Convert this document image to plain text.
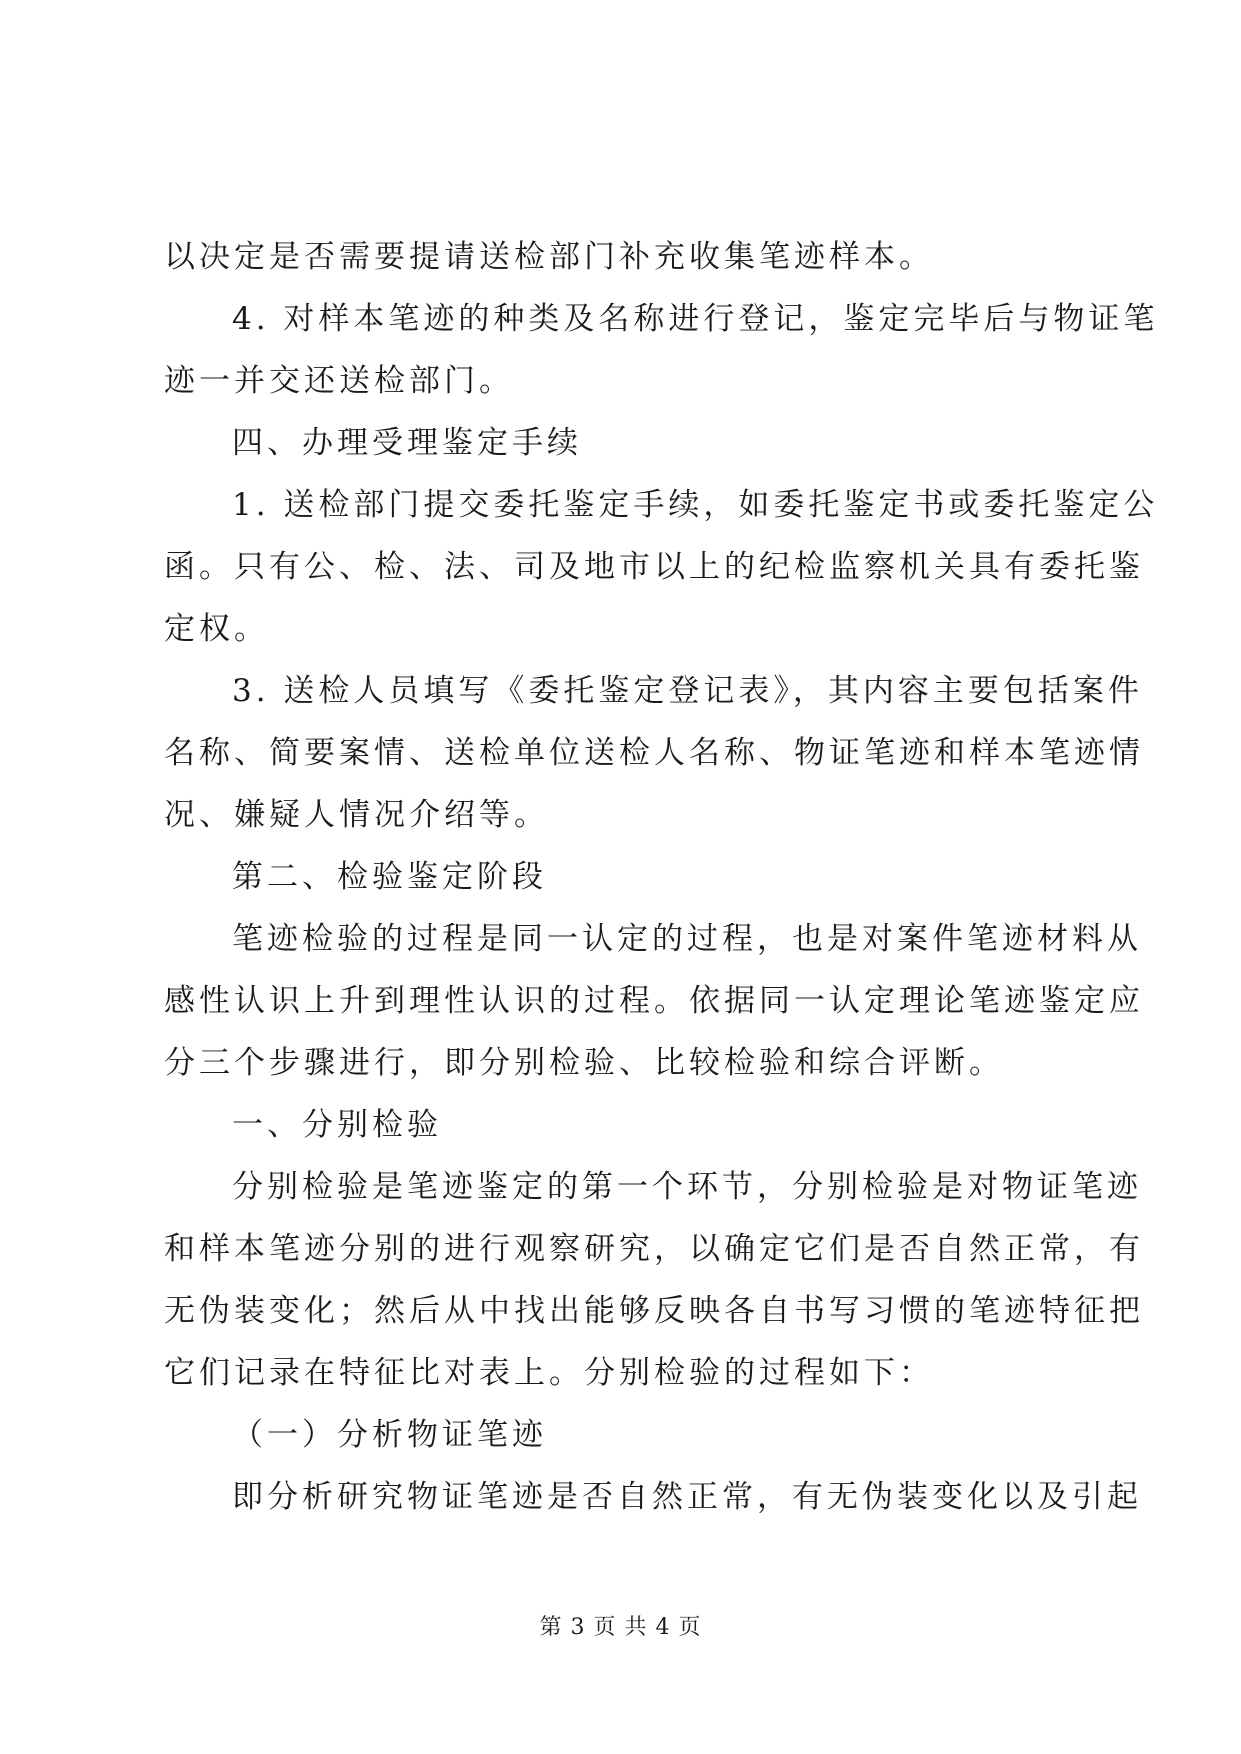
以决定是否需要提请送检部门补充收集笔迹样本。
4. 对样本笔迹的种类及名称进行登记，鉴定完毕后与物证笔
迹一并交还送检部门。
四、办理受理鉴定手续
1. 送检部门提交委托鉴定手续，如委托鉴定书或委托鉴定公
函。只有公、检、法、司及地市以上的纪检监察机关具有委托鉴
定权。
3. 送检人员填写《委托鉴定登记表》，其内容主要包括案件
名称、简要案情、送检单位送检人名称、物证笔迹和样本笔迹情
况、嫌疑人情况介绍等。
第二、检验鉴定阶段
笔迹检验的过程是同一认定的过程，也是对案件笔迹材料从
感性认识上升到理性认识的过程。依据同一认定理论笔迹鉴定应
分三个步骤进行，即分别检验、比较检验和综合评断。
一、分别检验
分别检验是笔迹鉴定的第一个环节，分别检验是对物证笔迹
和样本笔迹分别的进行观察研究，以确定它们是否自然正常，有
无伪装变化；然后从中找出能够反映各自书写习惯的笔迹特征把
它们记录在特征比对表上。分别检验的过程如下：
（一）分析物证笔迹
即分析研究物证笔迹是否自然正常，有无伪装变化以及引起
第 3 页 共 4 页
